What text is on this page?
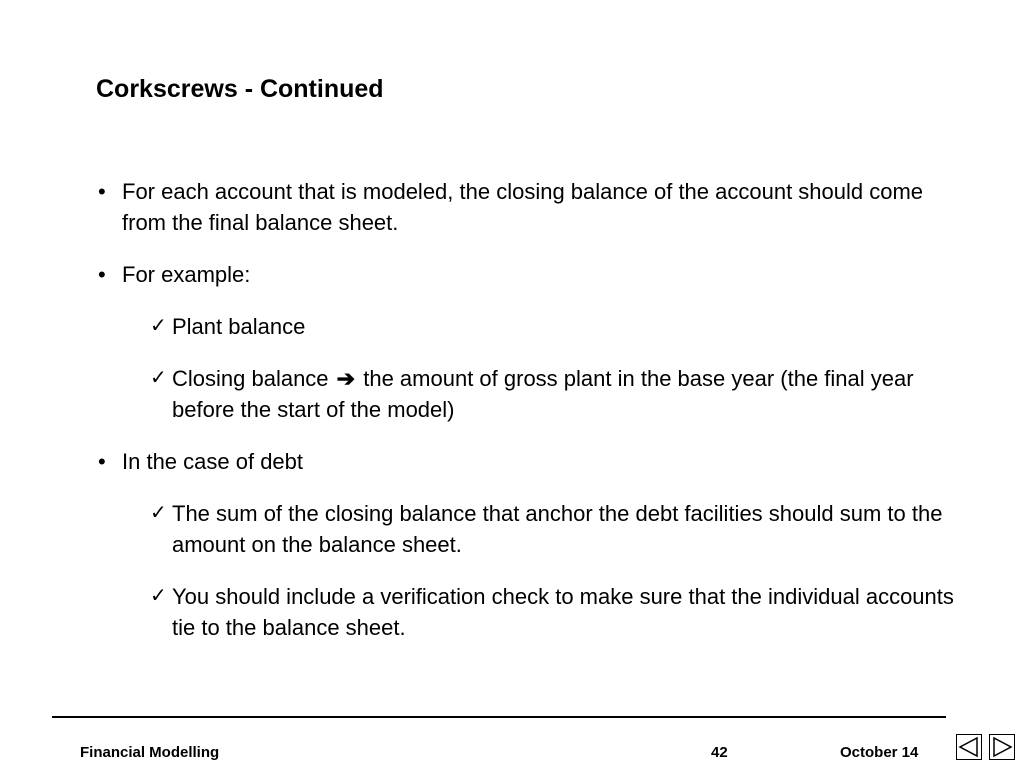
Corkscrews - Continued
• For each account that is modeled, the closing balance of the account should come from the final balance sheet.
• For example:
✓ Plant balance
✓ Closing balance ➔ the amount of gross plant in the base year (the final year before the start of the model)
• In the case of debt
✓ The sum of the closing balance that anchor the debt facilities should sum to the amount on the balance sheet.
✓ You should include a verification check to make sure that the individual accounts tie to the balance sheet.
Financial Modelling	42	October 14
